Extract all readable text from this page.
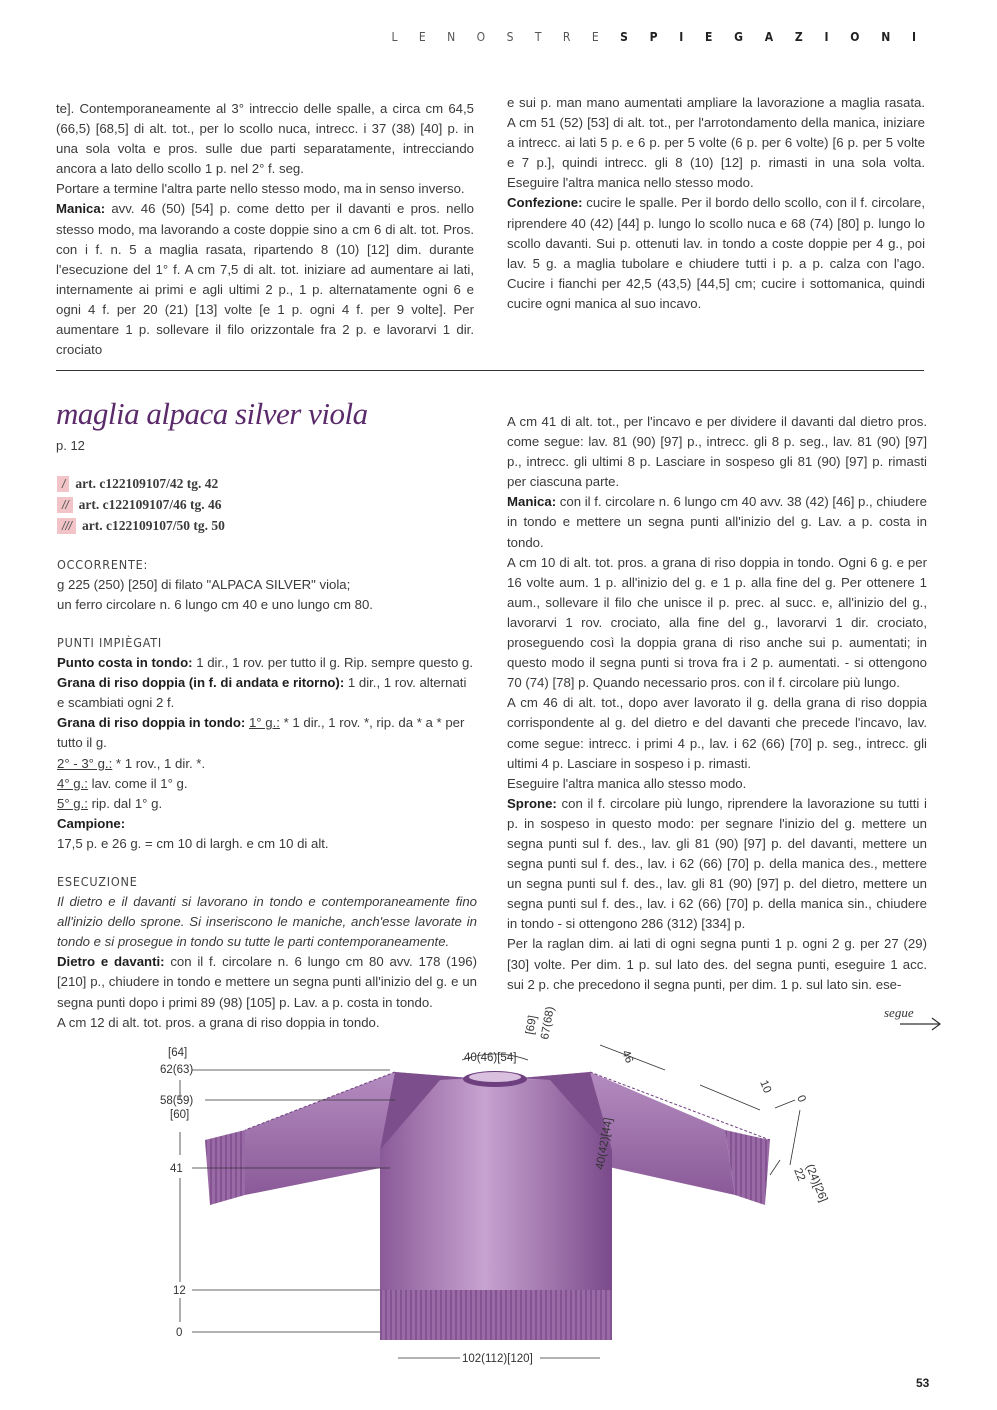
L E N O S T R E S P I E G A Z I O N I

te]. Contemporaneamente al 3° intreccio delle spalle, a circa cm 64,5 (66,5) [68,5] di alt. tot., per lo scollo nuca, intrecc. i 37 (38) [40] p. in una sola volta e pros. sulle due parti separatamente, intrecciando ancora a lato dello scollo 1 p. nel 2° f. seg.

Portare a termine l'altra parte nello stesso modo, ma in senso inverso.

Manica: avv. 46 (50) [54] p. come detto per il davanti e pros. nello stesso modo, ma lavorando a coste doppie sino a cm 6 di alt. tot. Pros. con i f. n. 5 a maglia rasata, ripartendo 8 (10) [12] dim. durante l'esecuzione del 1° f. A cm 7,5 di alt. tot. iniziare ad aumentare ai lati, internamente ai primi e agli ultimi 2 p., 1 p. alternatamente ogni 6 e ogni 4 f. per 20 (21) [13] volte [e 1 p. ogni 4 f. per 9 volte]. Per aumentare 1 p. sollevare il filo orizzontale fra 2 p. e lavorarvi 1 dir. crociato

e sui p. man mano aumentati ampliare la lavorazione a maglia rasata. A cm 51 (52) [53] di alt. tot., per l'arrotondamento della manica, iniziare a intrecc. ai lati 5 p. e 6 p. per 5 volte (6 p. per 6 volte) [6 p. per 5 volte e 7 p.], quindi intrecc. gli 8 (10) [12] p. rimasti in una sola volta. Eseguire l'altra manica nello stesso modo.

Confezione: cucire le spalle. Per il bordo dello scollo, con il f. circolare, riprendere 40 (42) [44] p. lungo lo scollo nuca e 68 (74) [80] p. lungo lo scollo davanti. Sui p. ottenuti lav. in tondo a coste doppie per 4 g., poi lav. 5 g. a maglia tubolare e chiudere tutti i p. a p. calza con l'ago. Cucire i fianchi per 42,5 (43,5) [44,5] cm; cucire i sottomanica, quindi cucire ogni manica al suo incavo.

maglia alpaca silver viola
p. 12
/ art. c122109107/42 tg. 42
// art. c122109107/46 tg. 46
/// art. c122109107/50 tg. 50

OCCORRENTE:

g 225 (250) [250] di filato "ALPACA SILVER" viola;

un ferro circolare n. 6 lungo cm 40 e uno lungo cm 80.

PUNTI IMPIÈGATI

Punto costa in tondo: 1 dir., 1 rov. per tutto il g. Rip. sempre questo g.

Grana di riso doppia (in f. di andata e ritorno): 1 dir., 1 rov. alternati e scambiati ogni 2 f.

Grana di riso doppia in tondo: 1° g.: * 1 dir., 1 rov. *, rip. da * a * per tutto il g.

2° - 3° g.: * 1 rov., 1 dir. *.

4° g.: lav. come il 1° g.

5° g.: rip. dal 1° g.

Campione:

17,5 p. e 26 g. = cm 10 di largh. e cm 10 di alt.

ESECUZIONE

Il dietro e il davanti si lavorano in tondo e contemporaneamente fino all'inizio dello sprone. Si inseriscono le maniche, anch'esse lavorate in tondo e si prosegue in tondo su tutte le parti contemporaneamente.

Dietro e davanti: con il f. circolare n. 6 lungo cm 80 avv. 178 (196) [210] p., chiudere in tondo e mettere un segna punti all'inizio del g. e un segna punti dopo i primi 89 (98) [105] p. Lav. a p. costa in tondo.

A cm 12 di alt. tot. pros. a grana di riso doppia in tondo.

A cm 41 di alt. tot., per l'incavo e per dividere il davanti dal dietro pros. come segue: lav. 81 (90) [97] p., intrecc. gli 8 p. seg., lav. 81 (90) [97] p., intrecc. gli ultimi 8 p. Lasciare in sospeso gli 81 (90) [97] p. rimasti per ciascuna parte.

Manica: con il f. circolare n. 6 lungo cm 40 avv. 38 (42) [46] p., chiudere in tondo e mettere un segna punti all'inizio del g. Lav. a p. costa in tondo.

A cm 10 di alt. tot. pros. a grana di riso doppia in tondo. Ogni 6 g. e per 16 volte aum. 1 p. all'inizio del g. e 1 p. alla fine del g. Per ottenere 1 aum., sollevare il filo che unisce il p. prec. al succ. e, all'inizio del g., lavorarvi 1 rov. crociato, alla fine del g., lavorarvi 1 dir. crociato, proseguendo così la doppia grana di riso anche sui p. aumentati; in questo modo il segna punti si trova fra i 2 p. aumentati. - si ottengono 70 (74) [78] p. Quando necessario pros. con il f. circolare più lungo.

A cm 46 di alt. tot., dopo aver lavorato il g. della grana di riso doppia corrispondente al g. del dietro e del davanti che precede l'incavo, lav. come segue: intrecc. i primi 4 p., lav. i 62 (66) [70] p. seg., intrecc. gli ultimi 4 p. Lasciare in sospeso i p. rimasti.

Eseguire l'altra manica allo stesso modo.

Sprone: con il f. circolare più lungo, riprendere la lavorazione su tutti i p. in sospeso in questo modo: per segnare l'inizio del g. mettere un segna punti sul f. des., lav. gli 81 (90) [97] p. del davanti, mettere un segna punti sul f. des., lav. i 62 (66) [70] p. della manica des., mettere un segna punti sul f. des., lav. gli 81 (90) [97] p. del dietro, mettere un segna punti sul f. des., lav. i 62 (66) [70] p. della manica sin., chiudere in tondo - si ottengono 286 (312) [334] p.

Per la raglan dim. ai lati di ogni segna punti 1 p. ogni 2 g. per 27 (29) [30] volte. Per dim. 1 p. sul lato des. del segna punti, eseguire 1 acc. sui 2 p. che precedono il segna punti, per dim. 1 p. sul lato sin. ese-

segue
[64]
62(63)
58(59)
[60]
41
12
0
40(46)[54]
102(112)[120]
[69] 67(68)
46
10
0
40(42)[44]
22
(24)[26]
53
